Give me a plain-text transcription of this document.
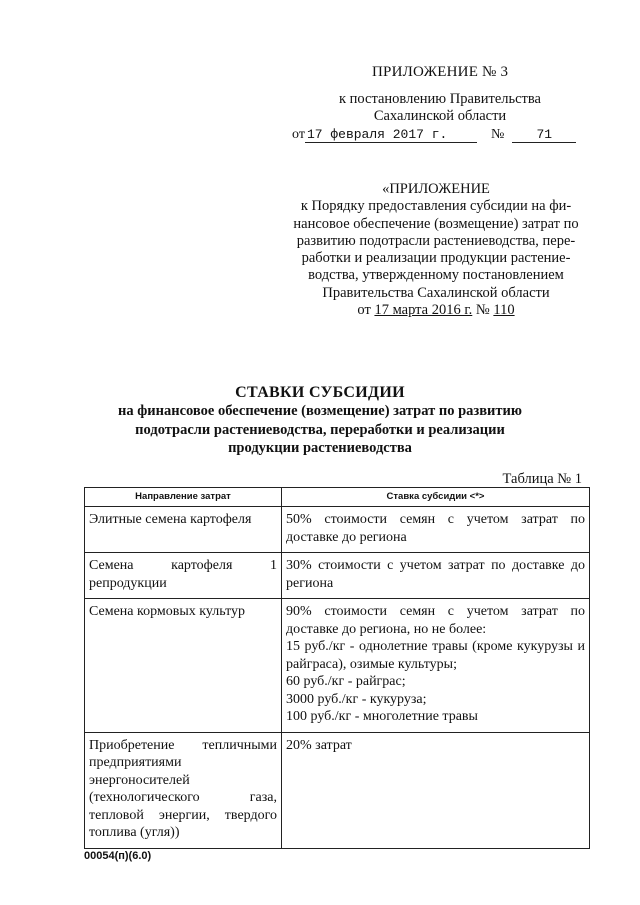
ПРИЛОЖЕНИЕ № 3
к постановлению Правительства
Сахалинской области
от 17 февраля 2017 г.	№ 71
«ПРИЛОЖЕНИЕ
к Порядку предоставления субсидии на фи-
нансовое обеспечение (возмещение) затрат по
развитию подотрасли растениеводства, пере-
работки и реализации продукции растение-
водства, утвержденному постановлением
Правительства Сахалинской области
от 17 марта 2016 г. № 110
СТАВКИ СУБСИДИИ
на финансовое обеспечение (возмещение) затрат по развитию
подотрасли растениеводства, переработки и реализации
продукции растениеводства
Таблица № 1
Направление затрат	Ставка субсидии <*>
Элитные семена картофеля	50% стоимости семян с учетом затрат по доставке до региона

Семена картофеля 1 репродукции	30% стоимости с учетом затрат по доставке до региона

Семена кормовых культур	90% стоимости семян с учетом затрат по доставке до региона, но не более:
15 руб./кг - однолетние травы (кроме кукурузы и райграса), озимые культуры;
60 руб./кг - райграс;
3000 руб./кг - кукуруза;
100 руб./кг - многолетние травы

Приобретение тепличными предприятиями энергоносителей (технологического газа, тепловой энергии, твердого топлива (угля))	20% затрат
00054(п)(6.0)
